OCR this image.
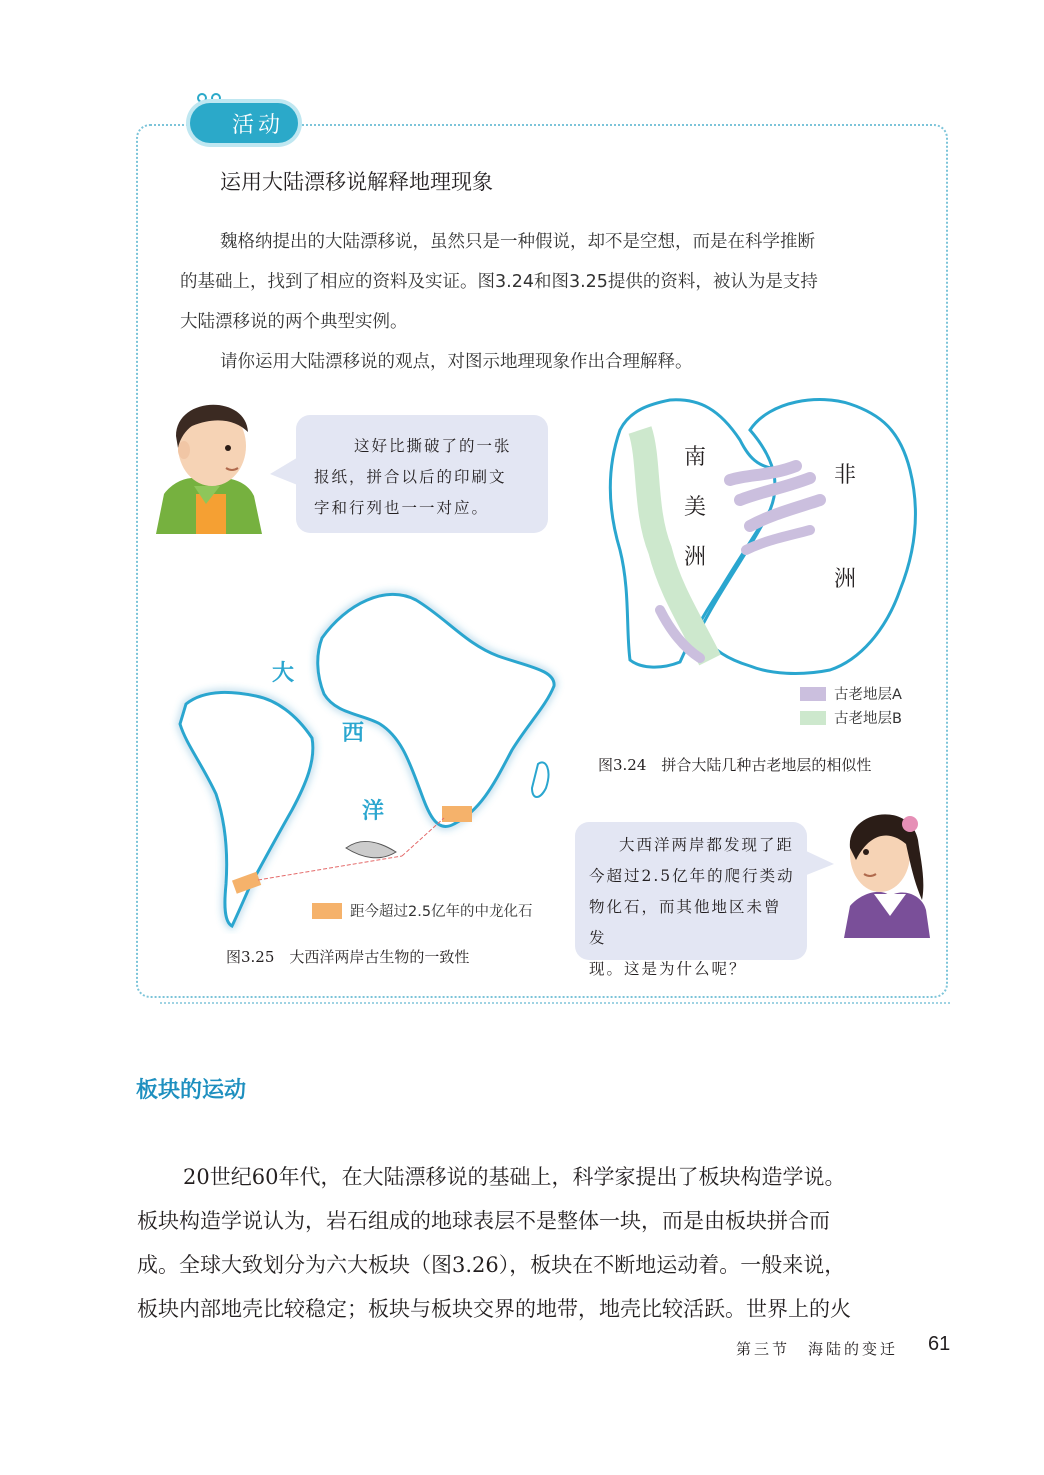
活动
运用大陆漂移说解释地理现象
魏格纳提出的大陆漂移说，虽然只是一种假说，却不是空想，而是在科学推断
的基础上，找到了相应的资料及实证。图3.24和图3.25提供的资料，被认为是支持
大陆漂移说的两个典型实例。
请你运用大陆漂移说的观点，对图示地理现象作出合理解释。

这好比撕破了的一张

报纸，拼合以后的印刷文

字和行列也一一对应。

南
美
洲
非
洲
古老地层A
古老地层B
图3.24　拼合大陆几种古老地层的相似性
大
西
洋
距今超过2.5亿年的中龙化石
图3.25　大西洋两岸古生物的一致性

大西洋两岸都发现了距

今超过2.5亿年的爬行类动

物化石，而其他地区未曾发

现。这是为什么呢？

板块的运动
20世纪60年代，在大陆漂移说的基础上，科学家提出了板块构造学说。
板块构造学说认为，岩石组成的地球表层不是整体一块，而是由板块拼合而
成。全球大致划分为六大板块（图3.26），板块在不断地运动着。一般来说，
板块内部地壳比较稳定；板块与板块交界的地带，地壳比较活跃。世界上的火
第三节　海陆的变迁 61
